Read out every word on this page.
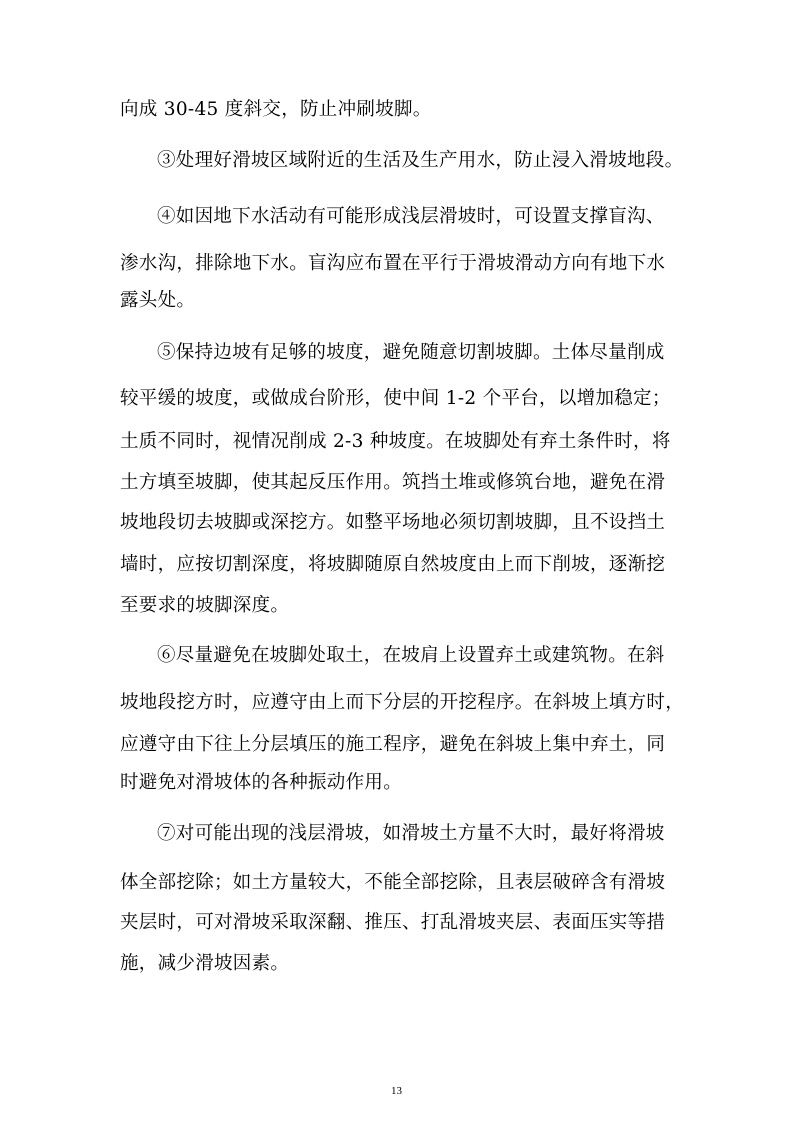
向成 30-45 度斜交，防止冲刷坡脚。
③处理好滑坡区域附近的生活及生产用水，防止浸入滑坡地段。
④如因地下水活动有可能形成浅层滑坡时，可设置支撑盲沟、
渗水沟，排除地下水。盲沟应布置在平行于滑坡滑动方向有地下水
露头处。
⑤保持边坡有足够的坡度，避免随意切割坡脚。土体尽量削成
较平缓的坡度，或做成台阶形，使中间 1-2 个平台，以增加稳定；
土质不同时，视情况削成 2-3 种坡度。在坡脚处有弃土条件时，将
土方填至坡脚，使其起反压作用。筑挡土堆或修筑台地，避免在滑
坡地段切去坡脚或深挖方。如整平场地必须切割坡脚，且不设挡土
墙时，应按切割深度，将坡脚随原自然坡度由上而下削坡，逐渐挖
至要求的坡脚深度。
⑥尽量避免在坡脚处取土，在坡肩上设置弃土或建筑物。在斜
坡地段挖方时，应遵守由上而下分层的开挖程序。在斜坡上填方时，
应遵守由下往上分层填压的施工程序，避免在斜坡上集中弃土，同
时避免对滑坡体的各种振动作用。
⑦对可能出现的浅层滑坡，如滑坡土方量不大时，最好将滑坡
体全部挖除；如土方量较大，不能全部挖除，且表层破碎含有滑坡
夹层时，可对滑坡采取深翻、推压、打乱滑坡夹层、表面压实等措
施，减少滑坡因素。
13
